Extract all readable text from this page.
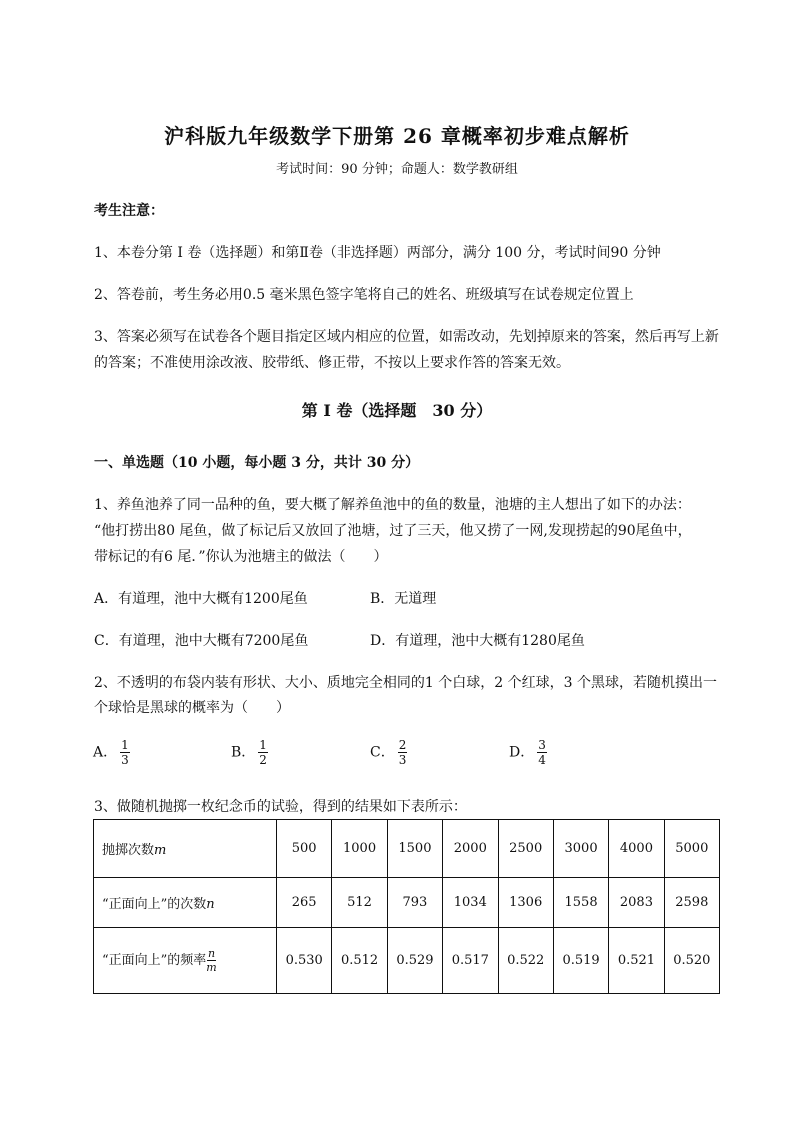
沪科版九年级数学下册第 26 章概率初步难点解析
考试时间：90 分钟；命题人：数学教研组
考生注意：
1、本卷分第 I 卷（选择题）和第Ⅱ卷（非选择题）两部分，满分 100 分，考试时间90 分钟
2、答卷前，考生务必用0.5 毫米黑色签字笔将自己的姓名、班级填写在试卷规定位置上
3、答案必须写在试卷各个题目指定区域内相应的位置，如需改动，先划掉原来的答案，然后再写上新
的答案；不准使用涂改液、胶带纸、修正带，不按以上要求作答的答案无效。
第 I 卷（选择题　30 分）
一、单选题（10 小题，每小题 3 分，共计 30 分）
1、养鱼池养了同一品种的鱼，要大概了解养鱼池中的鱼的数量，池塘的主人想出了如下的办法：
“他打捞出80 尾鱼，做了标记后又放回了池塘，过了三天，他又捞了一网,发现捞起的90尾鱼中，
带标记的有6 尾．”你认为池塘主的做法（　　）
A．有道理，池中大概有1200尾鱼	B．无道理
C．有道理，池中大概有7200尾鱼	D．有道理，池中大概有1280尾鱼
2、不透明的布袋内装有形状、大小、质地完全相同的1 个白球，2 个红球，3 个黑球，若随机摸出一
个球恰是黑球的概率为（　　）
A． $\frac{1}{3}$	B． $\frac{1}{2}$	C． $\frac{2}{3}$	D． $\frac{3}{4}$
3、做随机抛掷一枚纪念币的试验，得到的结果如下表所示：
抛掷次数m	500	1000	1500	2000	2500	3000	4000	5000
“正面向上”的次数n	265	512	793	1034	1306	1558	2083	2598
“正面向上”的频率 $\frac{n}{m}$	0.530	0.512	0.529	0.517	0.522	0.519	0.521	0.520
